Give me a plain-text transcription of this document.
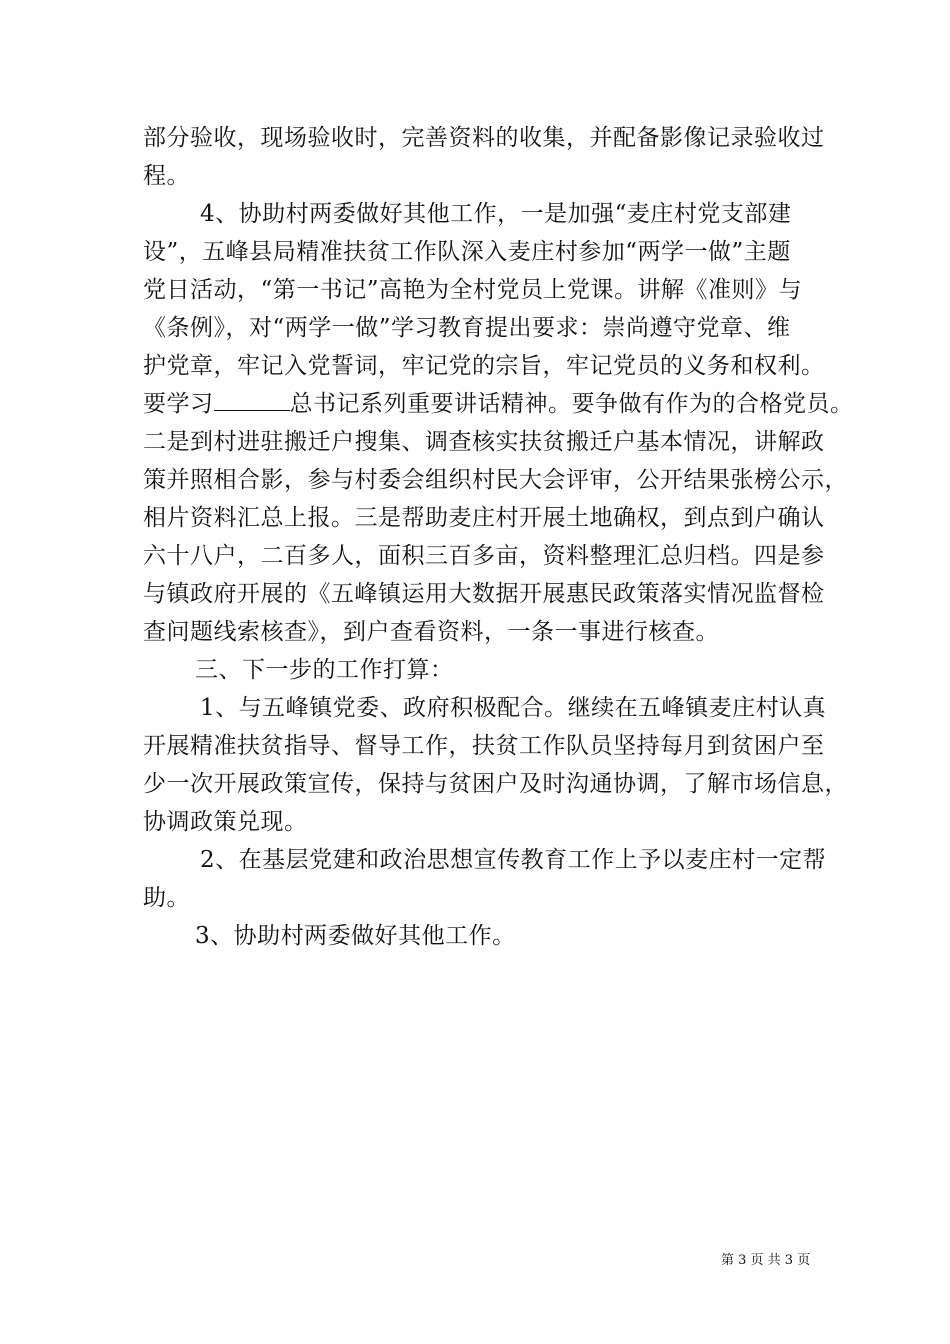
部分验收，现场验收时，完善资料的收集，并配备影像记录验收过
程。
4、协助村两委做好其他工作，一是加强“麦庄村党支部建
设”，五峰县局精准扶贫工作队深入麦庄村参加“两学一做”主题
党日活动，“第一书记”高艳为全村党员上党课。讲解《准则》与
《条例》，对“两学一做”学习教育提出要求：崇尚遵守党章、维
护党章，牢记入党誓词，牢记党的宗旨，牢记党员的义务和权利。
要学习	总书记系列重要讲话精神。要争做有作为的合格党员。
二是到村进驻搬迁户搜集、调查核实扶贫搬迁户基本情况，讲解政
策并照相合影，参与村委会组织村民大会评审，公开结果张榜公示，
相片资料汇总上报。三是帮助麦庄村开展土地确权，到点到户确认
六十八户，二百多人，面积三百多亩，资料整理汇总归档。四是参
与镇政府开展的《五峰镇运用大数据开展惠民政策落实情况监督检
查问题线索核查》，到户查看资料，一条一事进行核查。
三、下一步的工作打算：
1、与五峰镇党委、政府积极配合。继续在五峰镇麦庄村认真
开展精准扶贫指导、督导工作，扶贫工作队员坚持每月到贫困户至
少一次开展政策宣传，保持与贫困户及时沟通协调，了解市场信息，
协调政策兑现。
2、在基层党建和政治思想宣传教育工作上予以麦庄村一定帮
助。
3、协助村两委做好其他工作。
第 3 页 共 3 页
